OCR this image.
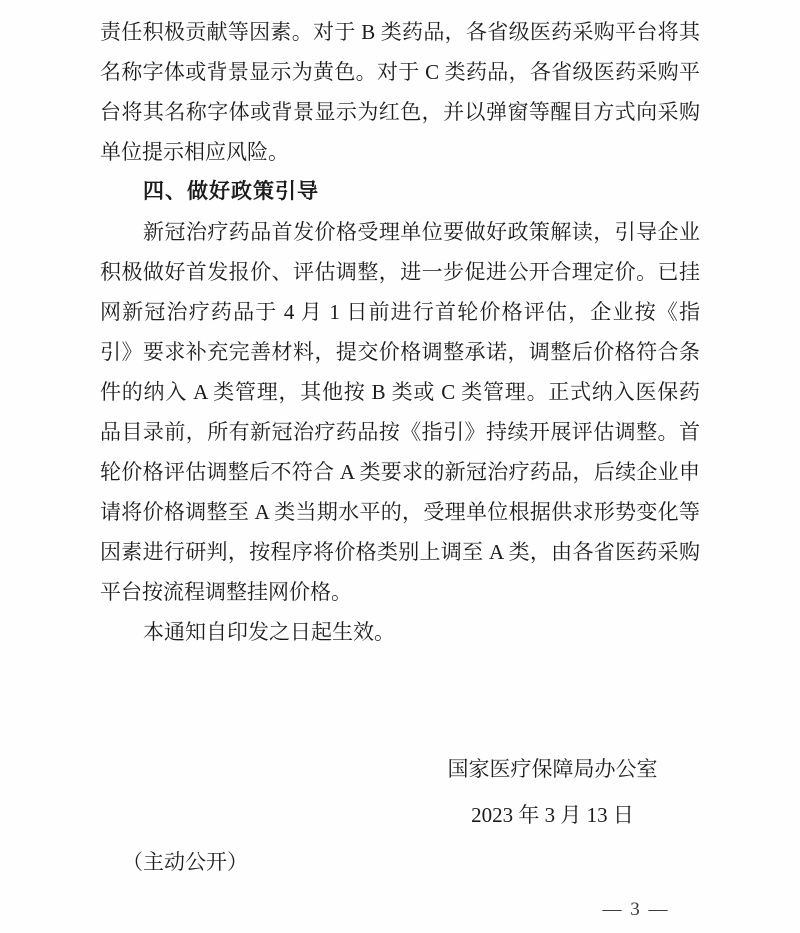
责任积极贡献等因素。对于 B 类药品，各省级医药采购平台将其
名称字体或背景显示为黄色。对于 C 类药品，各省级医药采购平
台将其名称字体或背景显示为红色，并以弹窗等醒目方式向采购
单位提示相应风险。
四、做好政策引导
新冠治疗药品首发价格受理单位要做好政策解读，引导企业
积极做好首发报价、评估调整，进一步促进公开合理定价。已挂
网新冠治疗药品于 4 月 1 日前进行首轮价格评估，企业按《指
引》要求补充完善材料，提交价格调整承诺，调整后价格符合条
件的纳入 A 类管理，其他按 B 类或 C 类管理。正式纳入医保药
品目录前，所有新冠治疗药品按《指引》持续开展评估调整。首
轮价格评估调整后不符合 A 类要求的新冠治疗药品，后续企业申
请将价格调整至 A 类当期水平的，受理单位根据供求形势变化等
因素进行研判，按程序将价格类别上调至 A 类，由各省医药采购
平台按流程调整挂网价格。
本通知自印发之日起生效。
国家医疗保障局办公室
2023 年 3 月 13 日
（主动公开）
— 3 —
